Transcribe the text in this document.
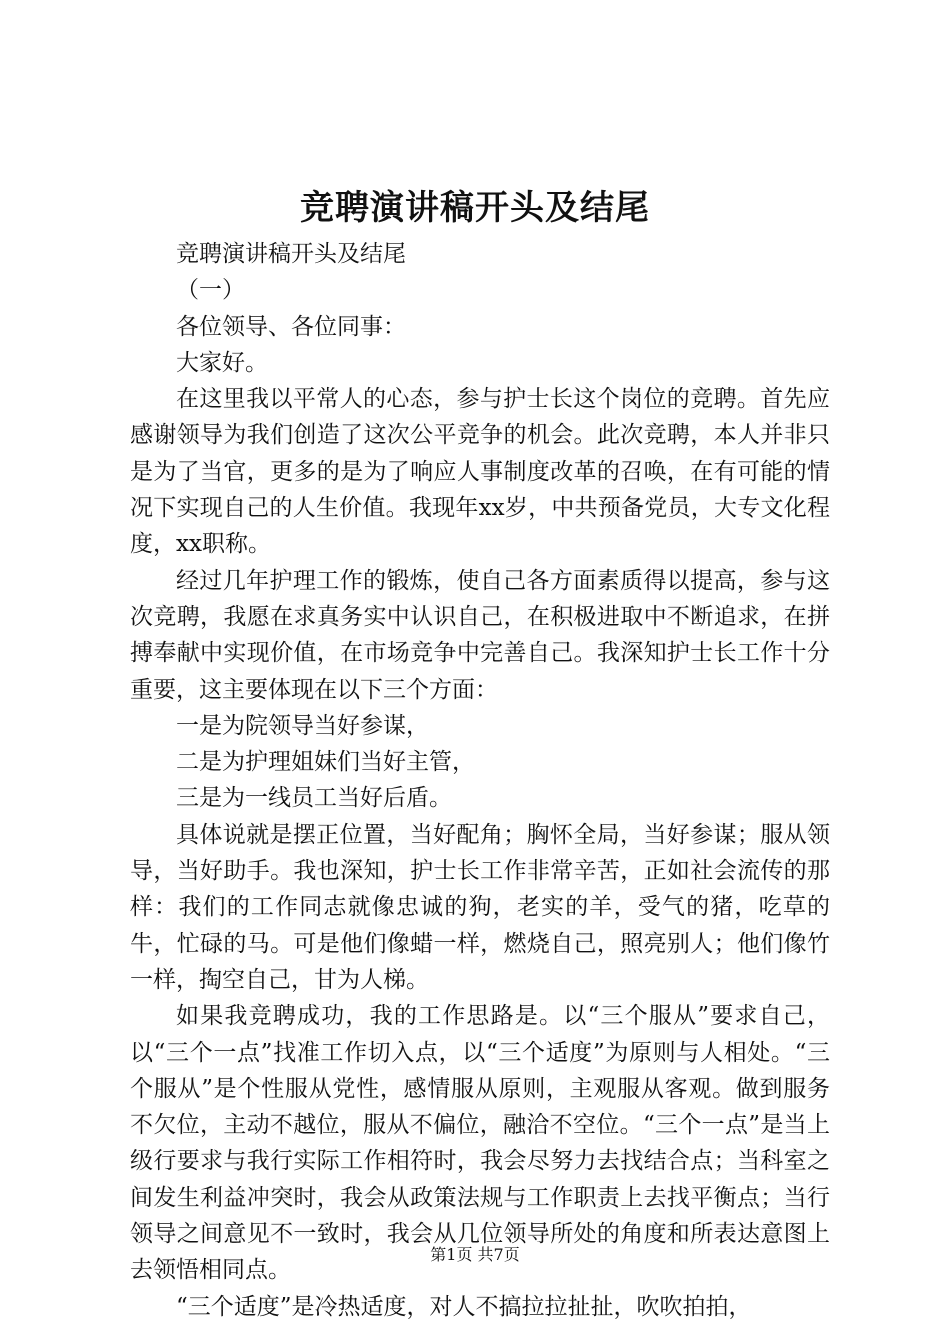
竞聘演讲稿开头及结尾

竞聘演讲稿开头及结尾

（一）

各位领导、各位同事：

大家好。

在这里我以平常人的心态，参与护士长这个岗位的竞聘。首先应感谢领导为我们创造了这次公平竞争的机会。此次竞聘，本人并非只是为了当官，更多的是为了响应人事制度改革的召唤，在有可能的情况下实现自己的人生价值。我现年xx岁，中共预备党员，大专文化程度，xx职称。

经过几年护理工作的锻炼，使自己各方面素质得以提高，参与这次竞聘，我愿在求真务实中认识自己，在积极进取中不断追求，在拼搏奉献中实现价值，在市场竞争中完善自己。我深知护士长工作十分重要，这主要体现在以下三个方面：

一是为院领导当好参谋，

二是为护理姐妹们当好主管，

三是为一线员工当好后盾。

具体说就是摆正位置，当好配角；胸怀全局，当好参谋；服从领导，当好助手。我也深知，护士长工作非常辛苦，正如社会流传的那样：我们的工作同志就像忠诚的狗，老实的羊，受气的猪，吃草的牛，忙碌的马。可是他们像蜡一样，燃烧自己，照亮别人；他们像竹一样，掏空自己，甘为人梯。

如果我竞聘成功，我的工作思路是。以“三个服从”要求自己，以“三个一点”找准工作切入点，以“三个适度”为原则与人相处。“三个服从”是个性服从党性，感情服从原则，主观服从客观。做到服务不欠位，主动不越位，服从不偏位，融洽不空位。“三个一点”是当上级行要求与我行实际工作相符时，我会尽努力去找结合点；当科室之间发生利益冲突时，我会从政策法规与工作职责上去找平衡点；当行领导之间意见不一致时，我会从几位领导所处的角度和所表达意图上去领悟相同点。

“三个适度”是冷热适度，对人不搞拉拉扯扯，吹吹拍拍，

第1页 共7页
